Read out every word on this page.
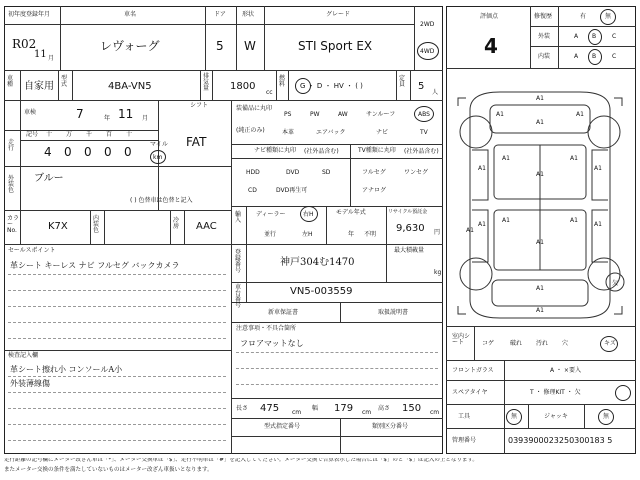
初年度登録年月
R02
11 月
車名
レヴォーグ
ドア
5
形状
W
グレード
STI Sport EX
2WD
4WD
車種 自家用
型式	4BA-VN5
排気量 1800
cc
燃料 G ・ D ・ HV ・ ( )
定員 5
人
車検	7	年 11 月
シフト
FAT
走行
記号 十 万 千 百 十
4 0 0 0 0
マイル
km
外装色
ブルー
( ) 色替車は色替と記入
カラーNo.	K7X
内装色
冷房 AAC
セールスポイント
革シート キーレス ナビ フルセグ バックカメラ
検査記入欄
革シート擦れ小 コンソールA小
外装薄線傷
装備品に丸印
(純正のみ)
PS	PW	AW	サンルーフ	ABS
本革	エアバック	ナビ	TV
ナビ種類に丸印 (社外品含む)
HDD	DVD	SD
CD	DVD再生可
TV種類に丸印 (社外品含む)
フルセグ	ワンセグ
アナログ
輸入
ディーラー	右H
並行	左H
モデル年式
年 不明
リサイクル預託金
9,630 円
登録番号
神戸304む1470
最大積載量
kg
車台番号
VN5-003559
新車保証書	取扱説明書
注意事項・不具合箇所
フロアマットなし
長さ 475 cm
幅 179 cm
高さ 150 cm
型式指定番号	類別区分番号
評価点
4
修復歴	有	無
外装	A B	C
内装	A B	C
A1
A1
A1	A1
A1	A1
A1
A1	A1
A1	A1
A1
A1
A1	A1
A1
A1
欠
室内シート	コゲ	破れ 汚れ 穴	キズ
フロントガラス	A ・ ×要入
スペアタイヤ	T ・ 修理KIT ・ 欠
工具	無	ジャッキ	無
管理番号	0393900023250300183 5
走行距離の記号欄にメーター改ざん車は「*」、メーター交換車は「$」、走行不明車は「#」を記入してください。メーター交換で合算表示した場合には「$」のと「$」は記入の上となります。
またメーター交換の条件を満たしていないものはメーター改ざん車扱いとなります。
